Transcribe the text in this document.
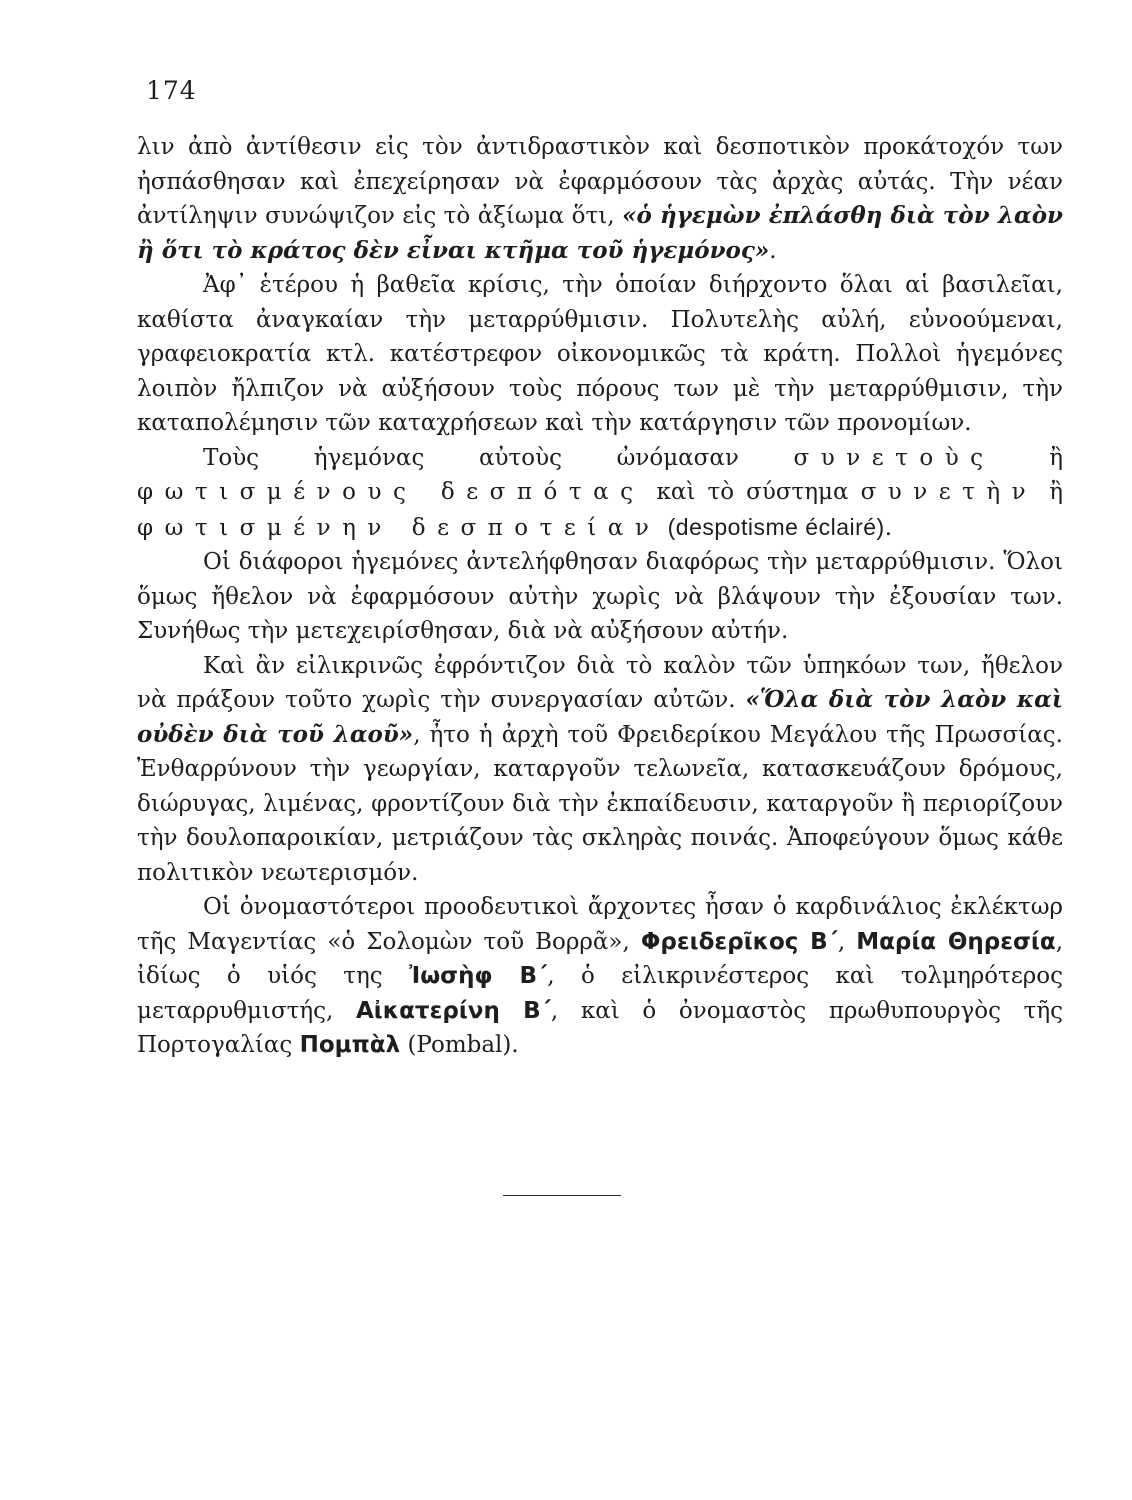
174

λιν ἀπὸ ἀντίθεσιν εἰς τὸν ἀντιδραστικὸν καὶ δεσποτικὸν προκάτοχόν των ἠσπάσθησαν καὶ ἐπεχείρησαν νὰ ἐφαρμόσουν τὰς ἀρχὰς αὐτάς. Τὴν νέαν ἀντίληψιν συνώψιζον εἰς τὸ ἀξίωμα ὅτι, «ὁ ἡγεμὼν ἐπλάσθη διὰ τὸν λαὸν ἢ ὅτι τὸ κράτος δὲν εἶναι κτῆμα τοῦ ἡγεμόνος».

Ἀφ᾽ ἑτέρου ἡ βαθεῖα κρίσις, τὴν ὁποίαν διήρχοντο ὅλαι αἱ βασιλεῖαι, καθίστα ἀναγκαίαν τὴν μεταρρύθμισιν. Πολυτελὴς αὐλή, εὐνοούμεναι, γραφειοκρατία κτλ. κατέστρεφον οἰκονομικῶς τὰ κράτη. Πολλοὶ ἡγεμόνες λοιπὸν ἤλπιζον νὰ αὐξήσουν τοὺς πόρους των μὲ τὴν μεταρρύθμισιν, τὴν καταπολέμησιν τῶν καταχρήσεων καὶ τὴν κατάργησιν τῶν προνομίων.

Τοὺς ἡγεμόνας αὐτοὺς ὠνόμασαν συνετοὺς ἢ φωτισμένους δεσπότας καὶ τὸ σύστημα συνετὴν ἢ φωτισμένην δεσποτείαν (despotisme éclairé).

Οἱ διάφοροι ἡγεμόνες ἀντελήφθησαν διαφόρως τὴν μεταρρύθμισιν. Ὅλοι ὅμως ἤθελον νὰ ἐφαρμόσουν αὐτὴν χωρὶς νὰ βλάψουν τὴν ἐξουσίαν των. Συνήθως τὴν μετεχειρίσθησαν, διὰ νὰ αὐξήσουν αὐτήν.

Καὶ ἂν εἰλικρινῶς ἐφρόντιζον διὰ τὸ καλὸν τῶν ὑπηκόων των, ἤθελον νὰ πράξουν τοῦτο χωρὶς τὴν συνεργασίαν αὐτῶν. «Ὅλα διὰ τὸν λαὸν καὶ οὐδὲν διὰ τοῦ λαοῦ», ἦτο ἡ ἀρχὴ τοῦ Φρειδερίκου Μεγάλου τῆς Πρωσσίας. Ἐνθαρρύνουν τὴν γεωργίαν, καταργοῦν τελωνεῖα, κατασκευάζουν δρόμους, διώρυγας, λιμένας, φροντίζουν διὰ τὴν ἐκπαίδευσιν, καταργοῦν ἢ περιορίζουν τὴν δουλοπαροικίαν, μετριάζουν τὰς σκληρὰς ποινάς. Ἀποφεύγουν ὅμως κάθε πολιτικὸν νεωτερισμόν.

Οἱ ὀνομαστότεροι προοδευτικοὶ ἄρχοντες ἦσαν ὁ καρδινάλιος ἐκλέκτωρ τῆς Μαγεντίας «ὁ Σολομὼν τοῦ Βορρᾶ», Φρειδερῖκος Β΄, Μαρία Θηρεσία, ἰδίως ὁ υἱός της Ἰωσὴφ Β΄, ὁ εἰλικρινέστερος καὶ τολμηρότερος μεταρρυθμιστής, Αἰκατερίνη Β΄, καὶ ὁ ὀνομαστὸς πρωθυπουργὸς τῆς Πορτογαλίας Πομπὰλ (Pombal).
